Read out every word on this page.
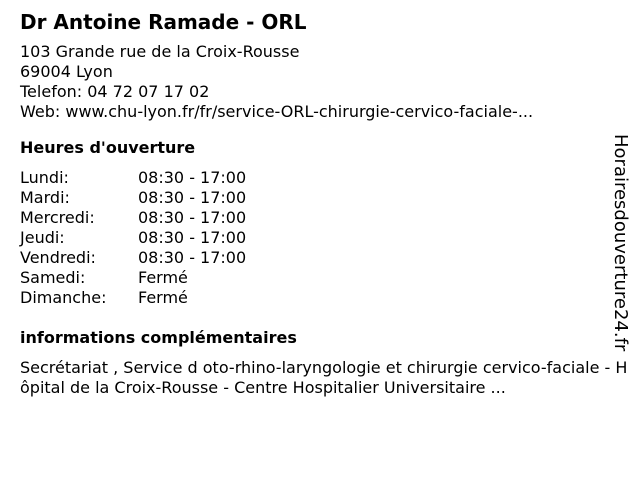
Dr Antoine Ramade - ORL
103 Grande rue de la Croix-Rousse
69004 Lyon
Telefon: 04 72 07 17 02
Web: www.chu-lyon.fr/fr/service-ORL-chirurgie-cervico-faciale-...
Heures d'ouverture
Lundi:	08:30 - 17:00
Mardi:	08:30 - 17:00
Mercredi:	08:30 - 17:00
Jeudi:	08:30 - 17:00
Vendredi:	08:30 - 17:00
Samedi:	Fermé
Dimanche:	Fermé
informations complémentaires
Secrétariat , Service d oto-rhino-laryngologie et chirurgie cervico-faciale - Hôpital de la Croix-Rousse - Centre Hospitalier Universitaire ...
Horairesdouverture24.fr
